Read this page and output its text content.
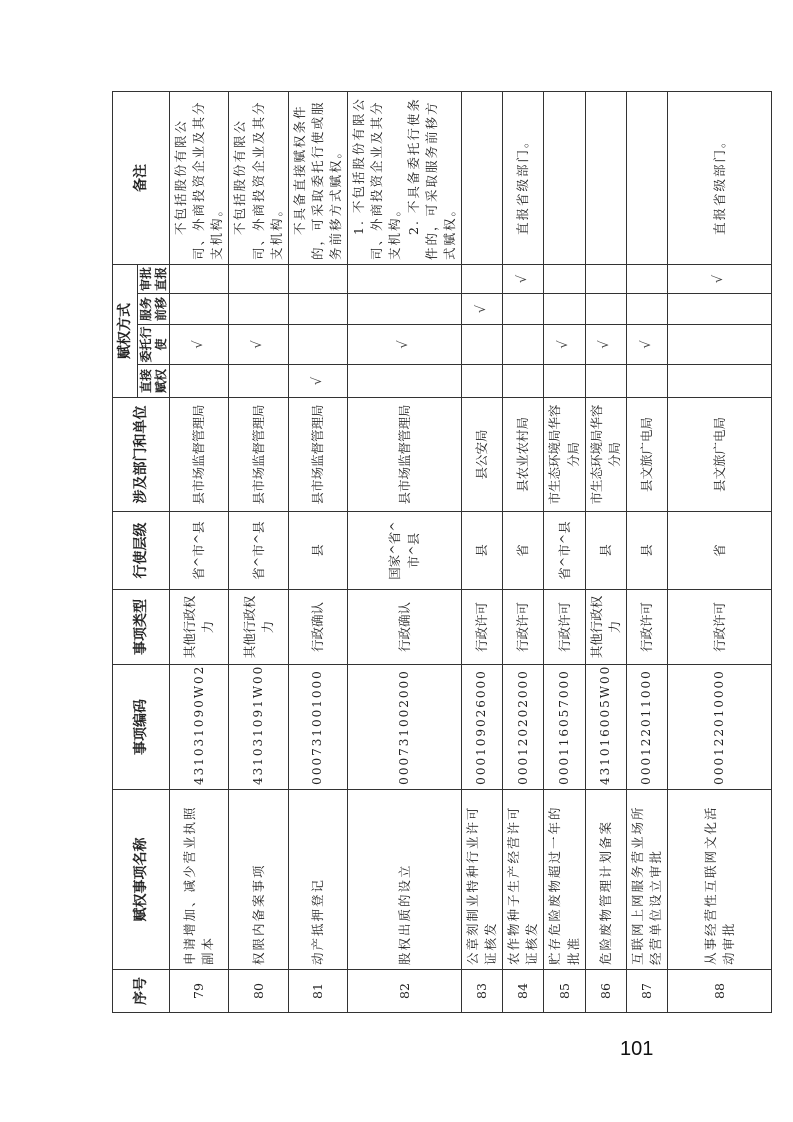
序号	赋权事项名称	事项编码	事项类型	行使层级	涉及部门和单位	赋权方式				备注
						直接赋权	委托行使	服务前移	审批直报	
79	申请增加、减少营业执照副本	431031090W02	其他行政权力	省^市^县	县市场监督管理局		√			不包括股份有限公司、外商投资企业及其分支机构。

80	权限内备案事项	431031091W00	其他行政权力	省^市^县	县市场监督管理局		√			不包括股份有限公司、外商投资企业及其分支机构。

81	动产抵押登记	000731001000	行政确认	县	县市场监督管理局	√				不具备直接赋权条件的，可采取委托行使或服务前移方式赋权。

82	股权出质的设立	000731002000	行政确认	国家^省^市^县	县市场监督管理局		√			1. 不包括股份有限公司、外商投资企业及其分支机构。 2. 不具备委托行使条件的，可采取服务前移方式赋权。

83	公章刻制业特种行业许可证核发	000109026000	行政许可	县	县公安局			√		
84	农作物种子生产经营许可证核发	000120202000	行政许可	省	县农业农村局				√	直报省级部门。

85	贮存危险废物超过一年的批准	000116057000	行政许可	省^市^县	市生态环境局华容分局		√			
86	危险废物管理计划备案	431016005W00	其他行政权力	县	市生态环境局华容分局		√			
87	互联网上网服务营业场所经营单位设立审批	000122011000	行政许可	县	县文旅广电局		√			
88	从事经营性互联网文化活动审批	000122010000	行政许可	省	县文旅广电局				√	直报省级部门。

101
